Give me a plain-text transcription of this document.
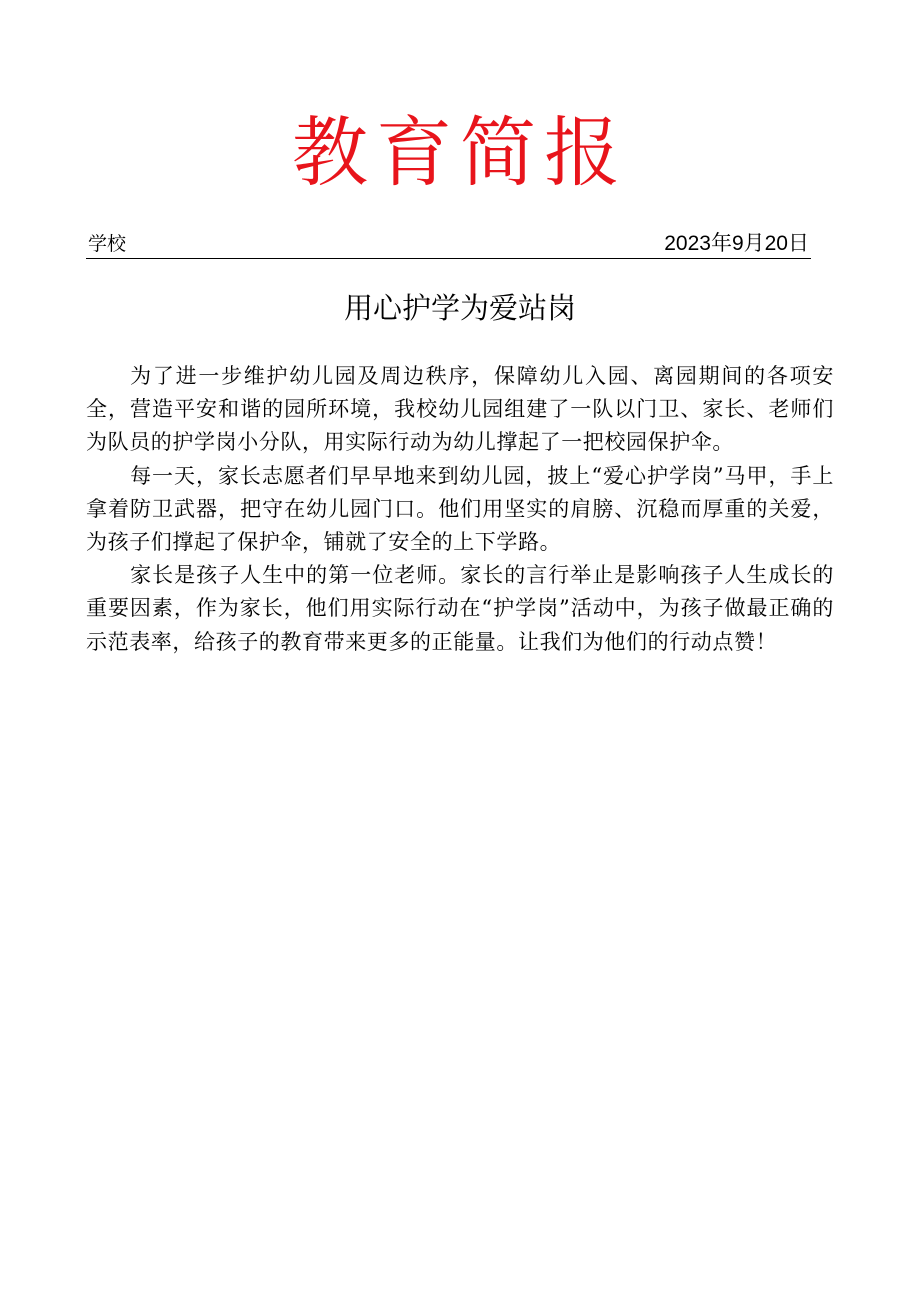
教育简报
学校	2023年9月20日
用心护学为爱站岗

为了进一步维护幼儿园及周边秩序，保障幼儿入园、离园期间的各项安全，营造平安和谐的园所环境，我校幼儿园组建了一队以门卫、家长、老师们为队员的护学岗小分队，用实际行动为幼儿撑起了一把校园保护伞。

每一天，家长志愿者们早早地来到幼儿园，披上“爱心护学岗”马甲，手上拿着防卫武器，把守在幼儿园门口。他们用坚实的肩膀、沉稳而厚重的关爱，为孩子们撑起了保护伞，铺就了安全的上下学路。

家长是孩子人生中的第一位老师。家长的言行举止是影响孩子人生成长的重要因素，作为家长，他们用实际行动在“护学岗”活动中，为孩子做最正确的示范表率，给孩子的教育带来更多的正能量。让我们为他们的行动点赞！
